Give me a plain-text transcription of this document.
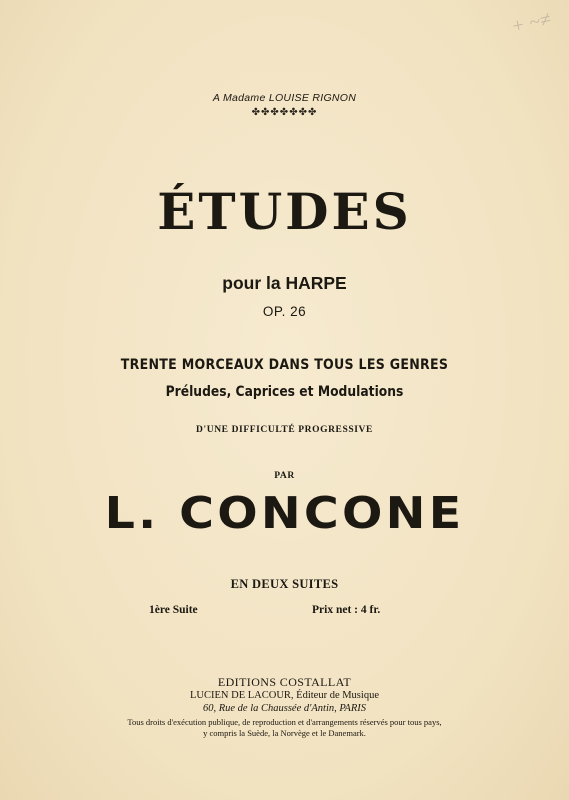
+ ~≠
A Madame LOUISE RIGNON
✤✤✤✤✤✤✤
ÉTUDES
pour la HARPE
OP. 26
TRENTE MORCEAUX DANS TOUS LES GENRES
Préludes, Caprices et Modulations
D'UNE DIFFICULTÉ PROGRESSIVE
PAR
L. CONCONE
EN DEUX SUITES
1ère Suite	Prix net : 4 fr.
EDITIONS COSTALLAT
LUCIEN DE LACOUR, Éditeur de Musique
60, Rue de la Chaussée d'Antin, PARIS
Tous droits d'exécution publique, de reproduction et d'arrangements réservés pour tous pays,
y compris la Suède, la Norvège et le Danemark.
